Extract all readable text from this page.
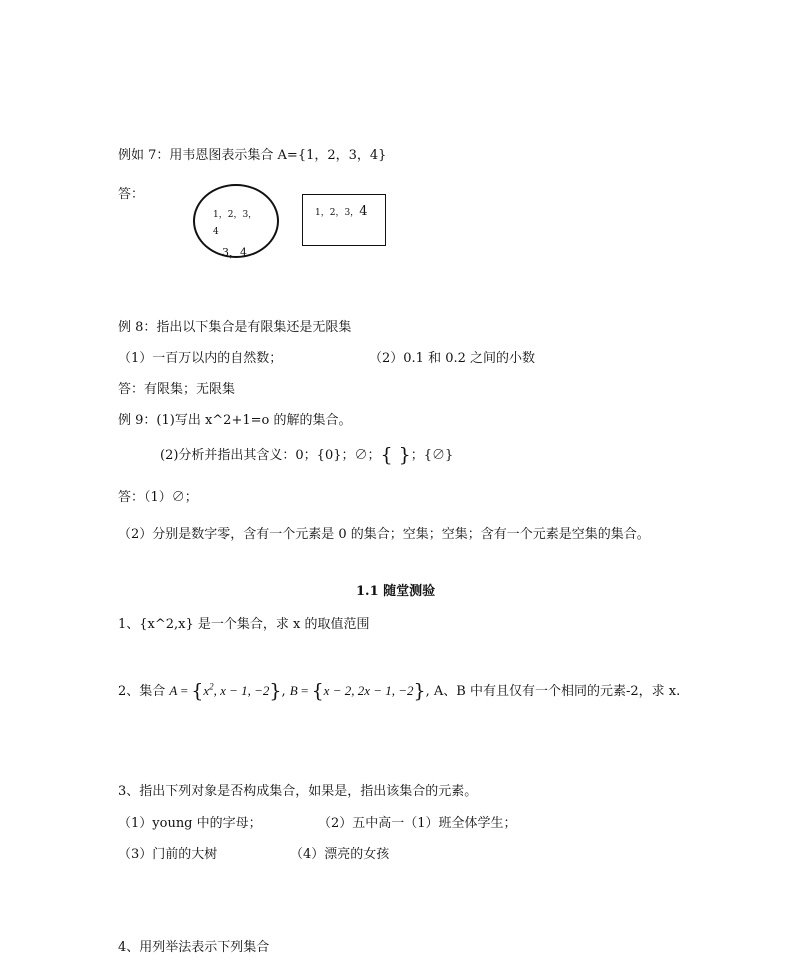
例如 7：用韦恩图表示集合 A={1，2，3，4}
答：
1，2，3，
4
3，4
1，2，3，4
例 8：指出以下集合是有限集还是无限集
（1）一百万以内的自然数；	（2）0.1 和 0.2 之间的小数
答：有限集；无限集
例 9：(1)写出 x^2+1=o 的解的集合。
(2)分析并指出其含义：0；{0}；∅；{ }；{∅}
答：（1）∅；
（2）分别是数字零，含有一个元素是 0 的集合；空集；空集；含有一个元素是空集的集合。
1.1 随堂测验
1、{x^2,x} 是一个集合，求 x 的取值范围
2、集合 $A = \{x^2$, x − 1, −2}, B = {x − 2, 2x − 1, −2}, A、B 中有且仅有一个相同的元素-2，求 x.
3、指出下列对象是否构成集合，如果是，指出该集合的元素。
（1）young 中的字母；	（2）五中高一（1）班全体学生；
（3）门前的大树	（4）漂亮的女孩
4、用列举法表示下列集合
